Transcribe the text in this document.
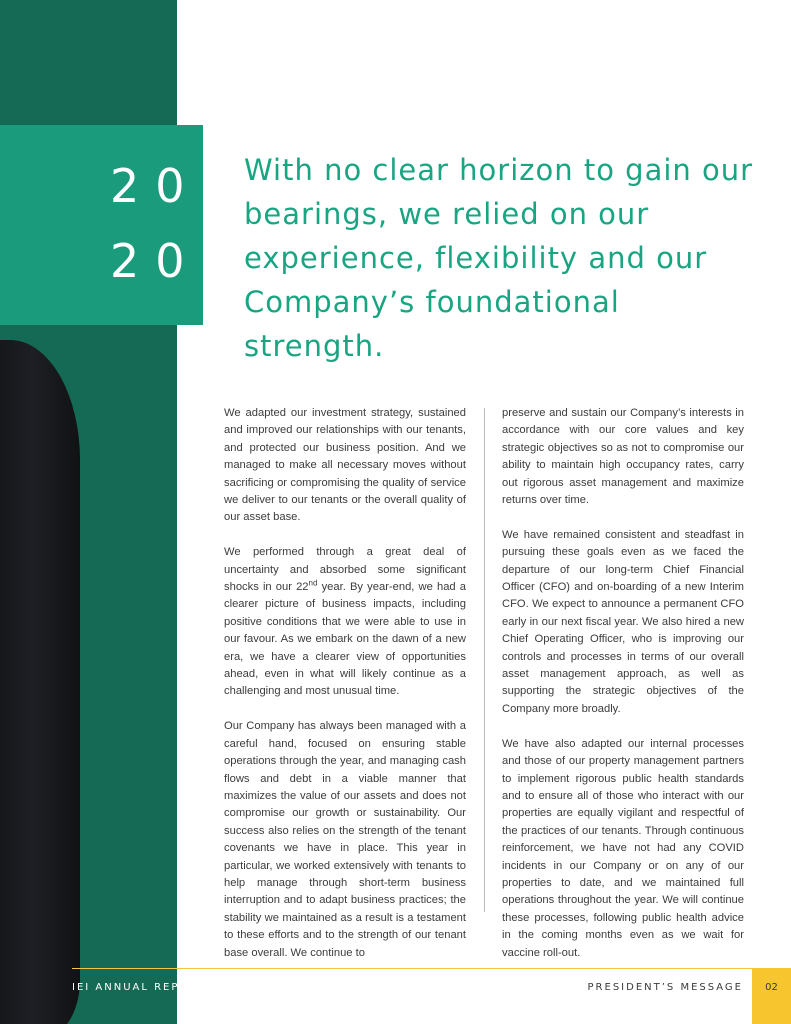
20
20
With no clear horizon to gain our bearings, we relied on our experience, flexibility and our Company’s foundational strength.

We adapted our investment strategy, sustained and improved our relationships with our tenants, and protected our business position. And we managed to make all necessary moves without sacrificing or compromising the quality of service we deliver to our tenants or the overall quality of our asset base.

We performed through a great deal of uncertainty and absorbed some significant shocks in our 22nd year. By year-end, we had a clearer picture of business impacts, including positive conditions that we were able to use in our favour. As we embark on the dawn of a new era, we have a clearer view of opportunities ahead, even in what will likely continue as a challenging and most unusual time.

Our Company has always been managed with a careful hand, focused on ensuring stable operations through the year, and managing cash flows and debt in a viable manner that maximizes the value of our assets and does not compromise our growth or sustainability. Our success also relies on the strength of the tenant covenants we have in place. This year in particular, we worked extensively with tenants to help manage through short-term business interruption and to adapt business practices; the stability we maintained as a result is a testament to these efforts and to the strength of our tenant base overall. We continue to

preserve and sustain our Company’s interests in accordance with our core values and key strategic objectives so as not to compromise our ability to maintain high occupancy rates, carry out rigorous asset management and maximize returns over time.

We have remained consistent and steadfast in pursuing these goals even as we faced the departure of our long-term Chief Financial Officer (CFO) and on-boarding of a new Interim CFO. We expect to announce a permanent CFO early in our next fiscal year. We also hired a new Chief Operating Officer, who is improving our controls and processes in terms of our overall asset management approach, as well as supporting the strategic objectives of the Company more broadly.

We have also adapted our internal processes and those of our property management partners to implement rigorous public health standards and to ensure all of those who interact with our properties are equally vigilant and respectful of the practices of our tenants. Through continuous reinforcement, we have not had any COVID incidents in our Company or on any of our properties to date, and we maintained full operations throughout the year. We will continue these processes, following public health advice in the coming months even as we wait for vaccine roll-out.

IEI ANNUAL REPORT 2020	PRESIDENT’S MESSAGE	02
